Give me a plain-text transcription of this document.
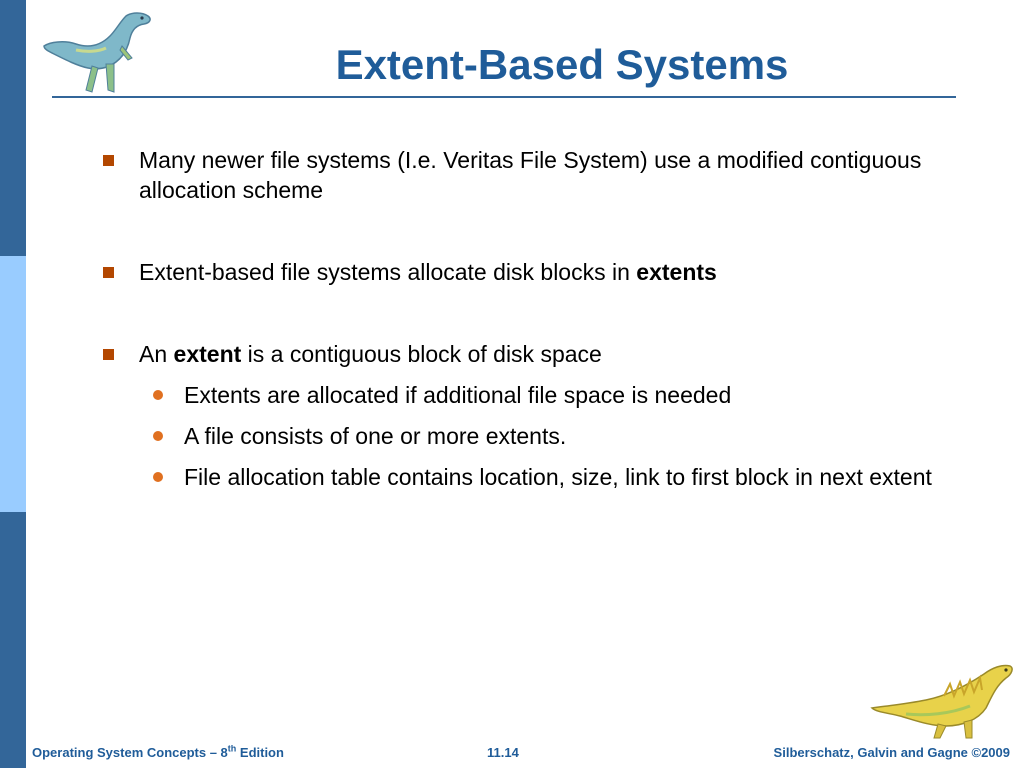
Extent-Based Systems
Many newer file systems (I.e. Veritas File System) use a modified contiguous allocation scheme
Extent-based file systems allocate disk blocks in extents
An extent is a contiguous block of disk space
Extents are allocated if additional file space is needed
A file consists of one or more extents.
File allocation table contains location, size, link to first block in next extent
Operating System Concepts – 8th Edition	11.14	Silberschatz, Galvin and Gagne ©2009
